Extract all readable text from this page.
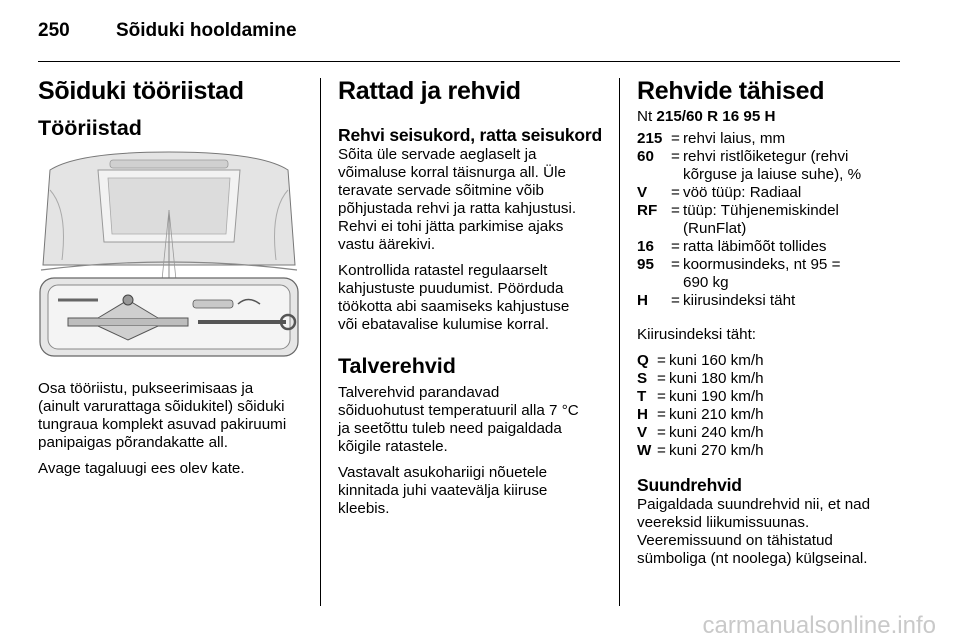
250 Sõiduki hooldamine
Sõiduki tööriistad
Tööriistad

Osa tööriistu, pukseerimisaas ja
(ainult varurattaga sõidukitel) sõiduki
tungraua komplekt asuvad pakiruumi
panipaigas põrandakatte all.

Avage tagaluugi ees olev kate.

Rattad ja rehvid
Rehvi seisukord, ratta seisukord

Sõita üle servade aeglaselt ja
võimaluse korral täisnurga all. Üle
teravate servade sõitmine võib
põhjustada rehvi ja ratta kahjustusi.
Rehvi ei tohi jätta parkimise ajaks
vastu äärekivi.

Kontrollida ratastel regulaarselt
kahjustuste puudumist. Pöörduda
töökotta abi saamiseks kahjustuse
või ebatavalise kulumise korral.

Talverehvid

Talverehvid parandavad
sõiduohutust temperatuuril alla 7 °C
ja seetõttu tuleb need paigaldada
kõigile ratastele.

Vastavalt asukohariigi nõuetele
kinnitada juhi vaatevälja kiiruse
kleebis.

Rehvide tähised

Nt 215/60 R 16 95 H

215 = rehvi laius, mm
60	= rehvi ristlõiketegur (rehvi
kõrguse ja laiuse suhe), %
V	= vöö tüüp: Radiaal
RF = tüüp: Tühjenemiskindel
(RunFlat)
16	= ratta läbimõõt tollides
95	= koormusindeks, nt 95 =
690 kg
H	= kiirusindeksi täht

Kiirusindeksi täht:

Q = kuni 160 km/h
S = kuni 180 km/h
T = kuni 190 km/h
H = kuni 210 km/h
V = kuni 240 km/h
W = kuni 270 km/h
Suundrehvid

Paigaldada suundrehvid nii, et nad
veereksid liikumissuunas.
Veeremissuund on tähistatud
sümboliga (nt noolega) külgseinal.

carmanualsonline.info
